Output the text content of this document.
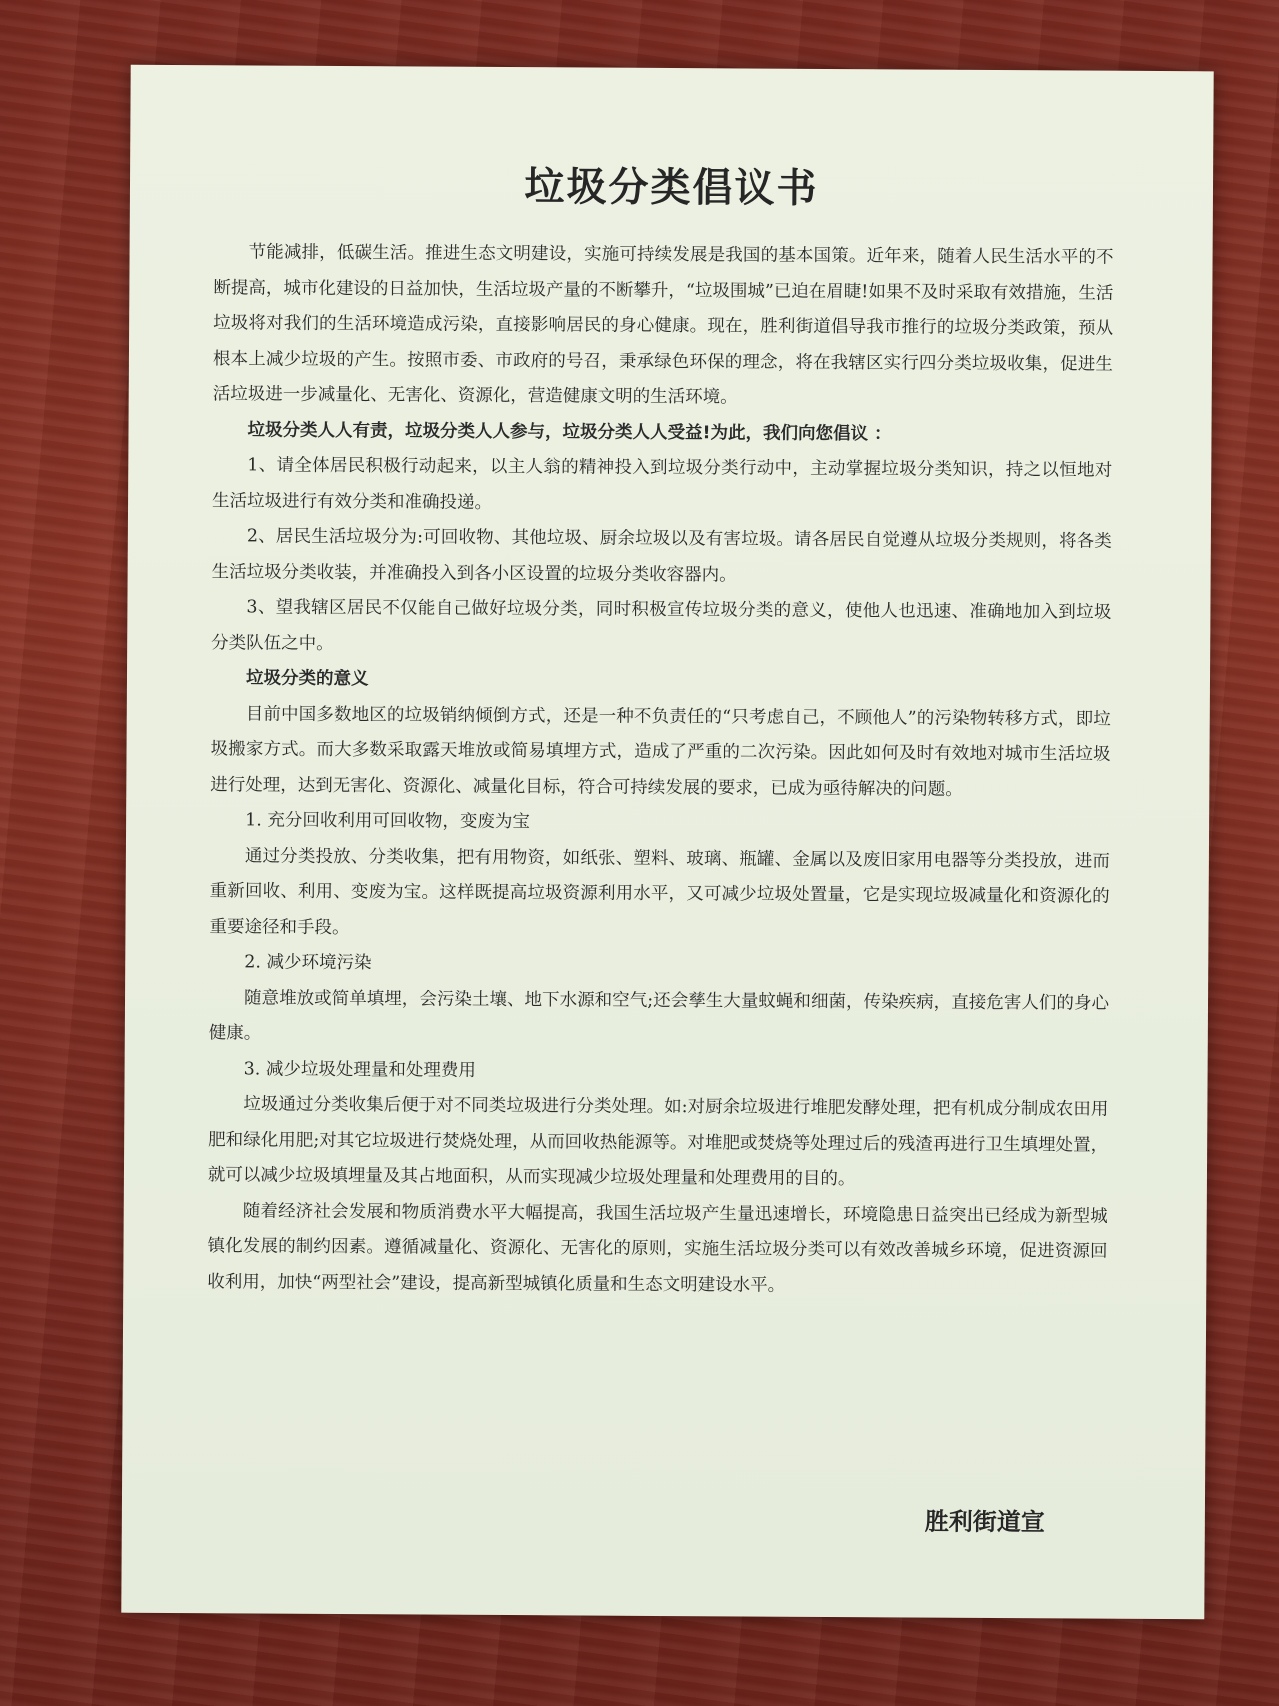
垃圾分类倡议书

节能减排，低碳生活。推进生态文明建设，实施可持续发展是我国的基本国策。近年来，随着人民生活水平的不断提高，城市化建设的日益加快，生活垃圾产量的不断攀升，“垃圾围城”已迫在眉睫!如果不及时采取有效措施，生活垃圾将对我们的生活环境造成污染，直接影响居民的身心健康。现在，胜利街道倡导我市推行的垃圾分类政策，预从根本上减少垃圾的产生。按照市委、市政府的号召，秉承绿色环保的理念，将在我辖区实行四分类垃圾收集，促进生活垃圾进一步减量化、无害化、资源化，营造健康文明的生活环境。

垃圾分类人人有责，垃圾分类人人参与，垃圾分类人人受益!为此，我们向您倡议 ：

1、请全体居民积极行动起来，以主人翁的精神投入到垃圾分类行动中，主动掌握垃圾分类知识，持之以恒地对生活垃圾进行有效分类和准确投递。

2、居民生活垃圾分为:可回收物、其他垃圾、厨余垃圾以及有害垃圾。请各居民自觉遵从垃圾分类规则，将各类生活垃圾分类收装，并准确投入到各小区设置的垃圾分类收容器内。

3、望我辖区居民不仅能自己做好垃圾分类，同时积极宣传垃圾分类的意义，使他人也迅速、准确地加入到垃圾分类队伍之中。

垃圾分类的意义

目前中国多数地区的垃圾销纳倾倒方式，还是一种不负责任的“只考虑自己，不顾他人”的污染物转移方式，即垃圾搬家方式。而大多数采取露天堆放或简易填埋方式，造成了严重的二次污染。因此如何及时有效地对城市生活垃圾进行处理，达到无害化、资源化、减量化目标，符合可持续发展的要求，已成为亟待解决的问题。

1. 充分回收利用可回收物，变废为宝

通过分类投放、分类收集，把有用物资，如纸张、塑料、玻璃、瓶罐、金属以及废旧家用电器等分类投放，进而重新回收、利用、变废为宝。这样既提高垃圾资源利用水平，又可减少垃圾处置量，它是实现垃圾减量化和资源化的重要途径和手段。

2. 减少环境污染

随意堆放或简单填埋，会污染土壤、地下水源和空气;还会孳生大量蚊蝇和细菌，传染疾病，直接危害人们的身心健康。

3. 减少垃圾处理量和处理费用

垃圾通过分类收集后便于对不同类垃圾进行分类处理。如:对厨余垃圾进行堆肥发酵处理，把有机成分制成农田用肥和绿化用肥;对其它垃圾进行焚烧处理，从而回收热能源等。对堆肥或焚烧等处理过后的残渣再进行卫生填埋处置，就可以减少垃圾填埋量及其占地面积，从而实现减少垃圾处理量和处理费用的目的。

随着经济社会发展和物质消费水平大幅提高，我国生活垃圾产生量迅速增长，环境隐患日益突出已经成为新型城镇化发展的制约因素。遵循减量化、资源化、无害化的原则，实施生活垃圾分类可以有效改善城乡环境，促进资源回收利用，加快“两型社会”建设，提高新型城镇化质量和生态文明建设水平。

胜利街道宣
